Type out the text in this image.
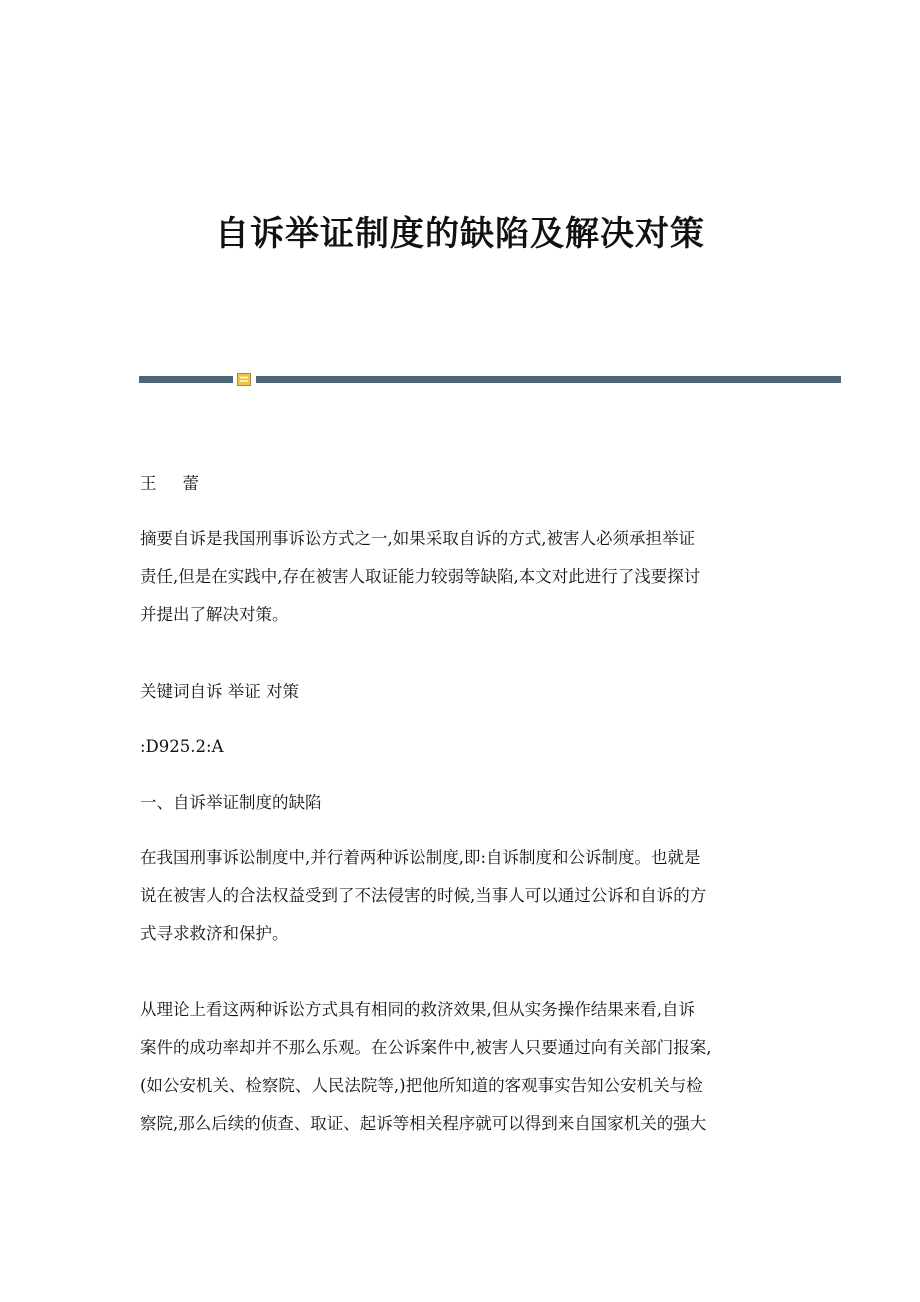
自诉举证制度的缺陷及解决对策
王 蕾
摘要自诉是我国刑事诉讼方式之一,如果采取自诉的方式,被害人必须承担举证
责任,但是在实践中,存在被害人取证能力较弱等缺陷,本文对此进行了浅要探讨
并提出了解决对策。
关键词自诉 举证 对策
:D925.2:A
一、自诉举证制度的缺陷
在我国刑事诉讼制度中,并行着两种诉讼制度,即:自诉制度和公诉制度。也就是
说在被害人的合法权益受到了不法侵害的时候,当事人可以通过公诉和自诉的方
式寻求救济和保护。
从理论上看这两种诉讼方式具有相同的救济效果,但从实务操作结果来看,自诉
案件的成功率却并不那么乐观。在公诉案件中,被害人只要通过向有关部门报案,
(如公安机关、检察院、人民法院等,)把他所知道的客观事实告知公安机关与检
察院,那么后续的侦查、取证、起诉等相关程序就可以得到来自国家机关的强大
